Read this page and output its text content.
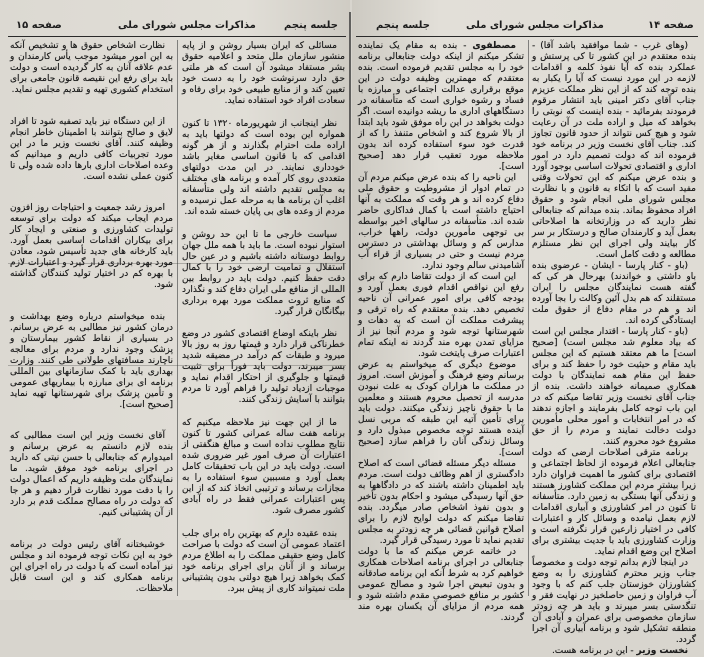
صفحه ۱۵	مذاکرات مجلس شورای ملی	جلسه پنجم

مسائلی که ایران بسیار روشن و از پایه منشور سازمان ملل متحد و اعلامیه حقوق بشر مستفاد میشود آن است که هر ملتی حق دارد سرنوشت خود را به دست خود تعیین کند و از منابع طبیعی خود برای رفاه و سعادت افراد خود استفاده نماید.

نظر اینجانب از شهریورماه ۱۳۲۰ تا کنون همواره این بوده است که دولتها باید به اراده ملت احترام بگذارند و از هر گونه اقدامی که با قانون اساسی مغایر باشد خودداری نمایند. در این مدت دولتهای متعددی روی کار آمده و برنامه های مختلف به مجلس تقدیم داشته اند ولی متأسفانه اغلب آن برنامه ها به مرحله عمل نرسیده و مردم از وعده های بی پایان خسته شده اند.

سیاست خارجی ما تا این حد روشن و استوار نبوده است. ما باید با همه ملل جهان روابط دوستانه داشته باشیم و در عین حال استقلال و تمامیت ارضی خود را با کمال دقت حفظ کنیم. دولت باید در روابط بین المللی از منافع ملی ایران دفاع کند و نگذارد که منابع ثروت مملکت مورد بهره برداری بیگانگان قرار گیرد.

نظر باینکه اوضاع اقتصادی کشور در وضع خطرناکی قرار دارد و قیمتها روز به روز بالا میرود و طبقات کم درآمد در مضیقه شدید بسر میبرند، دولت باید فوراً برای تثبیت قیمتها و جلوگیری از احتکار اقدام نماید و موجبات ازدیاد تولید را فراهم آورد تا مردم بتوانند با آسایش زندگی کنند.

ما از این جهت نیز ملاحظه میکنیم که برنامه هفت ساله عمرانی کشور تا کنون نتایج مطلوب نداده است و مبالغ هنگفتی از اعتبارات آن صرف امور غیر ضروری شده است. دولت باید در این باب تحقیقات کامل بعمل آورد و مسببین سوء استفاده را به مجازات برساند و ترتیبی اتخاذ کند که از این پس اعتبارات عمرانی فقط در راه آبادی کشور مصرف شود.

بنده عقیده دارم که بهترین راه برای جلب اعتماد عمومی آن است که دولت با صراحت کامل وضع حقیقی مملکت را به اطلاع مردم برساند و از آنان برای اجرای برنامه خود کمک بخواهد زیرا هیچ دولتی بدون پشتیبانی ملت نمیتواند کاری از پیش ببرد.

نظارت اشخاص حقوق ها و تشخیص آنکه به این امور میشود موجب یأس کارمندان و عدم علاقه آنان به کار گردیده است و دولت باید برای رفع این نقیصه قانون جامعی برای استخدام کشوری تهیه و تقدیم مجلس نماید.

از این دستگاه نیز باید تصفیه شود تا افراد لایق و صالح بتوانند با اطمینان خاطر انجام وظیفه کنند. آقای نخست وزیر ما در این مورد تجربیات کافی داریم و میدانیم که وعده اصلاحات اداری بارها داده شده ولی تا کنون عملی نشده است.

امروز رشد جمعیت و احتیاجات روز افزون مردم ایجاب میکند که دولت برای توسعه تولیدات کشاورزی و صنعتی و ایجاد کار برای بیکاران اقدامات اساسی بعمل آورد. باید کارخانه های جدید تأسیس شود، معادن مورد بهره برداری قرار گیرد و اعتبارات لازم با بهره کم در اختیار تولید کنندگان گذاشته شود.

بنده میخواستم درباره وضع بهداشت و درمان کشور نیز مطالبی به عرض برسانم. در بسیاری از نقاط کشور بیمارستان و پزشک وجود ندارد و مردم برای معالجه ناچارند مسافتهای طولانی طی کنند. وزارت بهداری باید با کمک سازمانهای بین المللی برنامه ای برای مبارزه با بیماریهای عمومی و تأمین پزشک برای شهرستانها تهیه نماید [صحیح است].

آقای نخست وزیر این است مطالبی که بنده لازم دانستم به عرض برسانم و امیدوارم که جنابعالی با حسن نیتی که دارید در اجرای برنامه خود موفق شوید. ما نمایندگان ملت وظیفه داریم که اعمال دولت را با دقت مورد نظارت قرار دهیم و هر جا که دولت در راه مصالح مملکت قدم بر دارد از آن پشتیبانی کنیم.

خوشبختانه آقای رئیس دولت در برنامه خود به این نکات توجه فرموده اند و مجلس نیز آماده است که با دولت در راه اجرای این برنامه همکاری کند و این است قابل ملاحظات.

جلسه پنجم	مذاکرات مجلس شورای ملی	صفحه ۱۴

(وهای غرب - شما موافقید باشد آقا) - بنده معتقدم در این کشور تا کی پرستش و عملکرد بنده که آیا نفوذ کلمه و اقدامات لازمه در این مورد نیست که آیا را یکبار به بنده توجه کند که از این نظر مملکت عزیزم جناب آقای دکتر امینی باید انتشار مرقوم فرمودند بفرمائید - بنده اینست که نوبتی را بخواهد که میل و اراده ملت در آن رعایت شود و هیچ کس نتواند از حدود قانون تجاوز کند. جناب آقای نخست وزیر در برنامه خود فرموده اند که دولت تصمیم دارد در امور اداری و اقتصادی تحولات اساسی بوجود آورد و بنده عرض میکنم که این تحولات وقتی مفید است که با اتکاء به قانون و با نظارت مجلس شورای ملی انجام شود و حقوق افراد محفوظ بماند. بنده میدانم که جنابعالی نظر دارید که در وزارتخانه ها اصلاحاتی بعمل آید و کارمندان صالح و درستکار بر سر کار بیایند ولی اجرای این نظر مستلزم مطالعه و دقت کامل است.

(باو - کنار پارسا - ایشان - عرضوی بنده باو داشتی و خواندند) بهرحال هر کی که گفته هست نمایندگان مجلس را ایران مستقلند که هم بدل آئین وکالت را بجا آورده اند و هم در مقام دفاع از حقوق ملت ایستادگی کرده اند.

(باو - کنار پارسا - اقتدار مجلس این است که بیاد معلوم شد مجلس است) [صحیح است] ما هم معتقد هستیم که این مجلس باید مقام و حیثیت خود را حفظ کند و برای حفظ این مقام همه نمایندگان با دولت همکاری صمیمانه خواهند داشت. بنده از جناب آقای نخست وزیر تقاضا میکنم که در این باب توجه کامل بفرمایند و اجازه ندهند که در امر انتخابات و امور محلی مأمورین دولت دخالت نمایند و مردم را از حق مشروع خود محروم کنند.

برنامه مترقی اصلاحات ارضی که دولت جنابعالی اعلام فرموده از لحاظ اجتماعی و اقتصادی برای کشور ما اهمیت فراوان دارد زیرا بیشتر مردم این مملکت کشاورز هستند و زندگی آنها بستگی به زمین دارد. متأسفانه تا کنون در امر کشاورزی و آبیاری اقدامات لازم بعمل نیامده و وسائل کار و اعتبارات کافی در اختیار زارعین قرار نگرفته است و وزارت کشاورزی باید با جدیت بیشتری برای اصلاح این وضع اقدام نماید.

در اینجا لازم بدانم توجه دولت و مخصوصاً جناب وزیر محترم کشاورزی را به وضع کشاورزان خوزستان جلب کنم که با وجود آب فراوان و زمین حاصلخیز در نهایت فقر و تنگدستی بسر میبرند و باید هر چه زودتر سازمان مخصوصی برای عمران و آبادی آن منطقه تشکیل شود و برنامه آبیاری آن اجرا گردد.

نخست وزیر - این در برنامه هست.

مصطفوی - بنده به مقام یک نماینده تشکر میکنم از اینکه دولت جنابعالی برنامه خود را به مجلس تقدیم فرموده است. بنده معتقدم که مهمترین وظیفه دولت در این موقع برقراری عدالت اجتماعی و مبارزه با فساد و رشوه خواری است که متأسفانه در دستگاههای اداری ما ریشه دوانیده است. اگر دولت بخواهد در این راه موفق شود باید ابتدا از بالا شروع کند و اشخاص متنفذ را که از قدرت خود سوء استفاده کرده اند بدون ملاحظه مورد تعقیب قرار دهد [صحیح است].

این ناحیه را که بنده عرض میکنم مردم آن در تمام ادوار از مشروطیت و حقوق ملی دفاع کرده اند و هر وقت که مملکت به آنها احتیاج داشته است با کمال فداکاری حاضر شده اند. متأسفانه در سالهای اخیر بواسطه بی توجهی مأمورین دولت، راهها خراب، مدارس کم و وسائل بهداشتی در دسترس مردم نیست و حتی در بسیاری از قراء آب آشامیدنی سالم وجود ندارد.

این است که از دولت تقاضا دارم که برای رفع این نواقص اقدام فوری بعمل آورد و بودجه کافی برای امور عمرانی آن ناحیه تخصیص دهد. بنده معتقدم که راه ترقی و پیشرفت مملکت آن است که به دهات و شهرستانها توجه شود و مردم آنجا نیز از مزایای تمدن بهره مند گردند نه اینکه تمام اعتبارات صرف پایتخت شود.

موضوع دیگری که میخواستم به عرض برسانم وضع فرهنگ و آموزش است. امروز در مملکت ما هزاران کودک به علت نبودن مدرسه از تحصیل محروم هستند و معلمین ما با حقوق ناچیز زندگی میکنند. دولت باید برای تأمین آتیه این طبقه که مربی نسل آینده هستند توجه مخصوص مبذول دارد و وسائل زندگی آنان را فراهم سازد [صحیح است].

مسئله دیگر مسئله قضائی است که اصلاح دادگستری از اهم وظائف دولت است. مردم باید اطمینان داشته باشند که در دادگاهها به حق آنها رسیدگی میشود و احکام بدون تأخیر و بدون نفوذ اشخاص صادر میگردد. بنده تقاضا میکنم که دولت لوایح لازم را برای اصلاح قوانین قضائی هر چه زودتر به مجلس تقدیم نماید تا مورد رسیدگی قرار گیرد.

در خاتمه عرض میکنم که ما با دولت جنابعالی در اجرای برنامه اصلاحات همکاری خواهیم کرد به شرط آنکه این برنامه صادقانه و بدون تبعیض اجرا شود و مصالح عمومی کشور بر منافع خصوصی مقدم داشته شود و همه مردم از مزایای آن یکسان بهره مند گردند.
